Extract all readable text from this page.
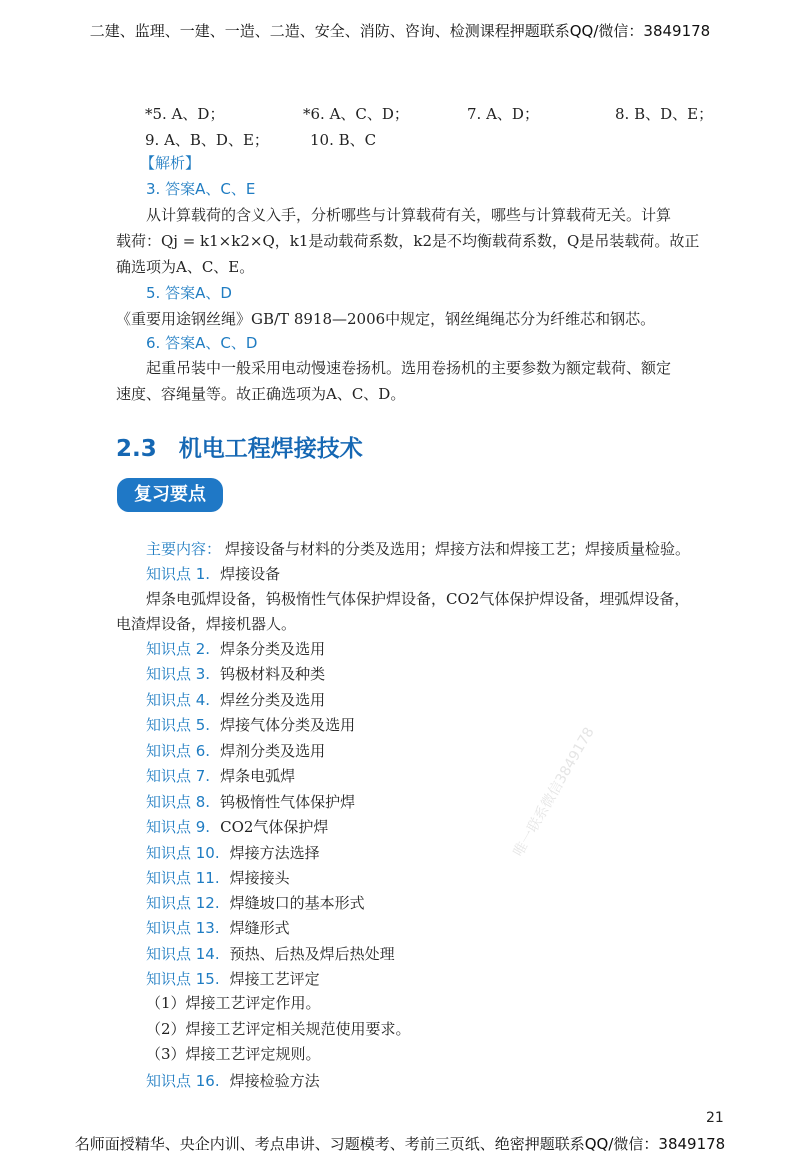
二建、监理、一建、一造、二造、安全、消防、咨询、检测课程押题联系QQ/微信：3849178
*5. A、D；	*6. A、C、D；	7. A、D；	8. B、D、E；
9. A、B、D、E；	10. B、C
【解析】
3. 答案A、C、E
从计算载荷的含义入手，分析哪些与计算载荷有关，哪些与计算载荷无关。计算
载荷：Qj = k1×k2×Q，k1是动载荷系数，k2是不均衡载荷系数，Q是吊装载荷。故正
确选项为A、C、E。
5. 答案A、D
《重要用途钢丝绳》GB/T 8918—2006中规定，钢丝绳绳芯分为纤维芯和钢芯。
6. 答案A、C、D
起重吊装中一般采用电动慢速卷扬机。选用卷扬机的主要参数为额定载荷、额定
速度、容绳量等。故正确选项为A、C、D。
2.3 机电工程焊接技术
复习要点
主要内容： 焊接设备与材料的分类及选用；焊接方法和焊接工艺；焊接质量检验。
知识点 1. 焊接设备
焊条电弧焊设备，钨极惰性气体保护焊设备，CO2气体保护焊设备，埋弧焊设备，
电渣焊设备，焊接机器人。
知识点 2. 焊条分类及选用
知识点 3. 钨极材料及种类
知识点 4. 焊丝分类及选用
知识点 5. 焊接气体分类及选用
知识点 6. 焊剂分类及选用
知识点 7. 焊条电弧焊
知识点 8. 钨极惰性气体保护焊
知识点 9. CO2气体保护焊
知识点 10. 焊接方法选择
知识点 11. 焊接接头
知识点 12. 焊缝坡口的基本形式
知识点 13. 焊缝形式
知识点 14. 预热、后热及焊后热处理
知识点 15. 焊接工艺评定
（1）焊接工艺评定作用。
（2）焊接工艺评定相关规范使用要求。
（3）焊接工艺评定规则。
知识点 16. 焊接检验方法
唯一联系微信3849178
21
名师面授精华、央企内训、考点串讲、习题模考、考前三页纸、绝密押题联系QQ/微信：3849178
